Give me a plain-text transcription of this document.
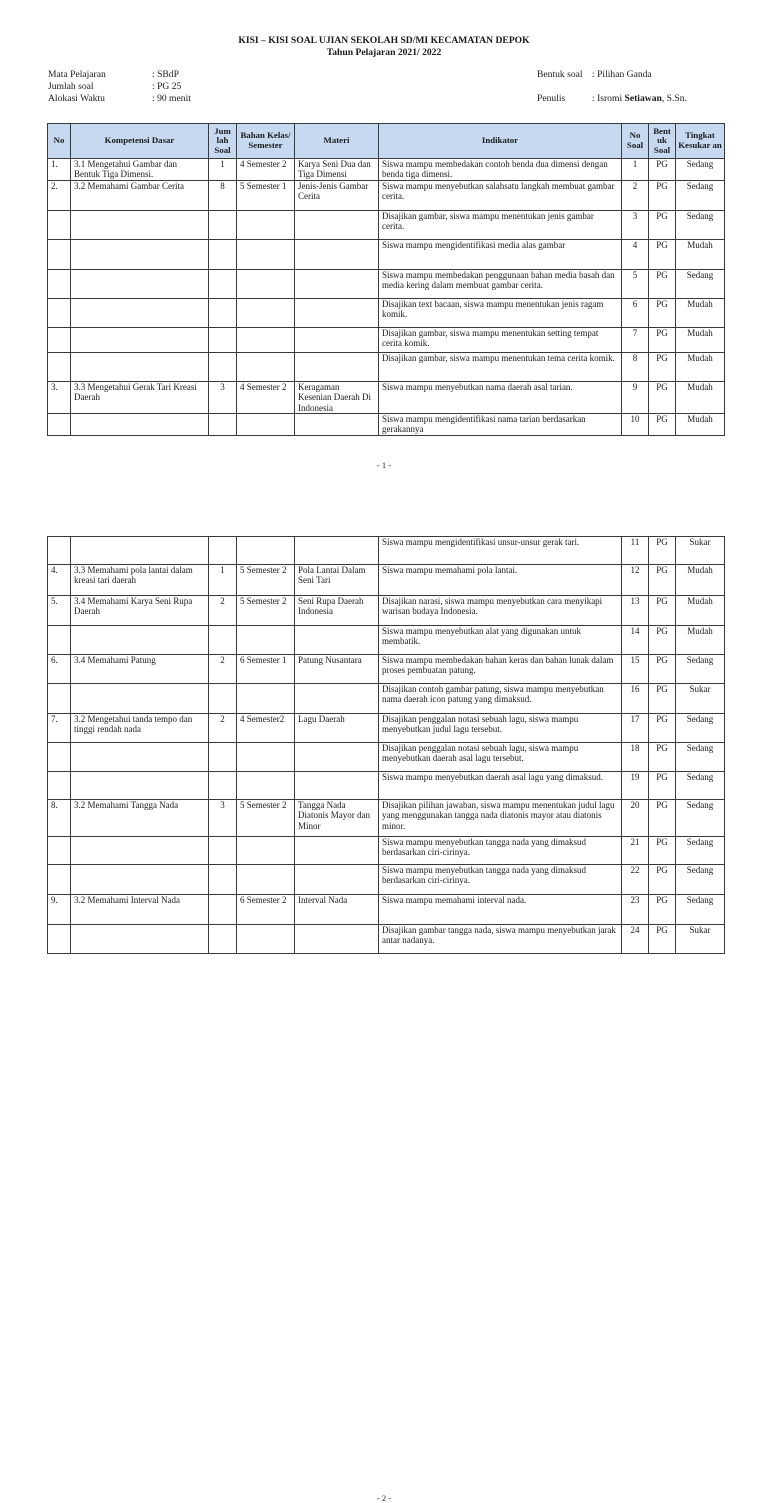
KISI – KISI SOAL UJIAN SEKOLAH SD/MI KECAMATAN DEPOK
Tahun Pelajaran 2021/ 2022
Mata Pelajaran	: SBdP
Jumlah soal	: PG 25
Alokasi Waktu	: 90 menit
Bentuk soal : Pilihan Ganda
Penulis	: Isromi Setiawan, S.Sn.
No	Kompetensi Dasar	Jum lah Soal	Bahan Kelas/ Semester	Materi	Indikator	No Soal	Bent uk Soal	Tingkat Kesukar an
1.	3.1 Mengetahui Gambar dan Bentuk Tiga Dimensi.	1	4 Semester 2	Karya Seni Dua dan Tiga Dimensi	Siswa mampu membedakan contoh benda dua dimensi dengan benda tiga dimensi.	1	PG	Sedang
2.	3.2 Memahami Gambar Cerita	8	5 Semester 1	Jenis-Jenis Gambar Cerita	Siswa mampu menyebutkan salahsatu langkah membuat gambar cerita.	2	PG	Sedang
					Disajikan gambar, siswa mampu menentukan jenis gambar cerita.	3	PG	Sedang
					Siswa mampu mengidentifikasi media alas gambar	4	PG	Mudah
					Siswa mampu membedakan penggunaan bahan media basah dan media kering dalam membuat gambar cerita.	5	PG	Sedang
					Disajikan text bacaan, siswa mampu menentukan jenis ragam komik.	6	PG	Mudah
					Disajikan gambar, siswa mampu menentukan setting tempat cerita komik.	7	PG	Mudah
					Disajikan gambar, siswa mampu menentukan tema cerita komik.	8	PG	Mudah
3.	3.3 Mengetahui Gerak Tari Kreasi Daerah	3	4 Semester 2	Keragaman Kesenian Daerah Di Indonesia	Siswa mampu menyebutkan nama daerah asal tarian.	9	PG	Mudah
					Siswa mampu mengidentifikasi nama tarian berdasarkan gerakannya	10	PG	Mudah
- 1 -
					Siswa mampu mengidentifikasi unsur-unsur gerak tari.	11	PG	Sukar
4.	3.3 Memahami pola lantai dalam kreasi tari daerah	1	5 Semester 2	Pola Lantai Dalam Seni Tari	Siswa mampu memahami pola lantai.	12	PG	Mudah
5.	3.4 Memahami Karya Seni Rupa Daerah	2	5 Semester 2	Seni Rupa Daerah Indonesia	Disajikan narasi, siswa mampu menyebutkan cara menyikapi warisan budaya Indonesia.	13	PG	Mudah
					Siswa mampu menyebutkan alat yang digunakan untuk membatik.	14	PG	Mudah
6.	3.4 Memahami Patung	2	6 Semester 1	Patung Nusantara	Siswa mampu membedakan bahan keras dan bahan lunak dalam proses pembuatan patung.	15	PG	Sedang
					Disajikan contoh gambar patung, siswa mampu menyebutkan nama daerah icon patung yang dimaksud.	16	PG	Sukar
7.	3.2 Mengetahui tanda tempo dan tinggi rendah nada	2	4 Semester2	Lagu Daerah	Disajikan penggalan notasi sebuah lagu, siswa mampu menyebutkan judul lagu tersebut.	17	PG	Sedang
					Disajikan penggalan notasi sebuah lagu, siswa mampu menyebutkan daerah asal lagu tersebut.	18	PG	Sedang
					Siswa mampu menyebutkan daerah asal lagu yang dimaksud.	19	PG	Sedang
8.	3.2 Memahami Tangga Nada	3	5 Semester 2	Tangga Nada Diatonis Mayor dan Minor	Disajikan pilihan jawaban, siswa mampu menentukan judul lagu yang menggunakan tangga nada diatonis mayor atau diatonis minor.	20	PG	Sedang
					Siswa mampu menyebutkan tangga nada yang dimaksud berdasarkan ciri-cirinya.	21	PG	Sedang
					Siswa mampu menyebutkan tangga nada yang dimaksud berdasarkan ciri-cirinya.	22	PG	Sedang
9.	3.2 Memahami Interval Nada		6 Semester 2	Interval Nada	Siswa mampu memahami interval nada.	23	PG	Sedang
					Disajikan gambar tangga nada, siswa mampu menyebutkan jarak antar nadanya.	24	PG	Sukar
- 2 -
